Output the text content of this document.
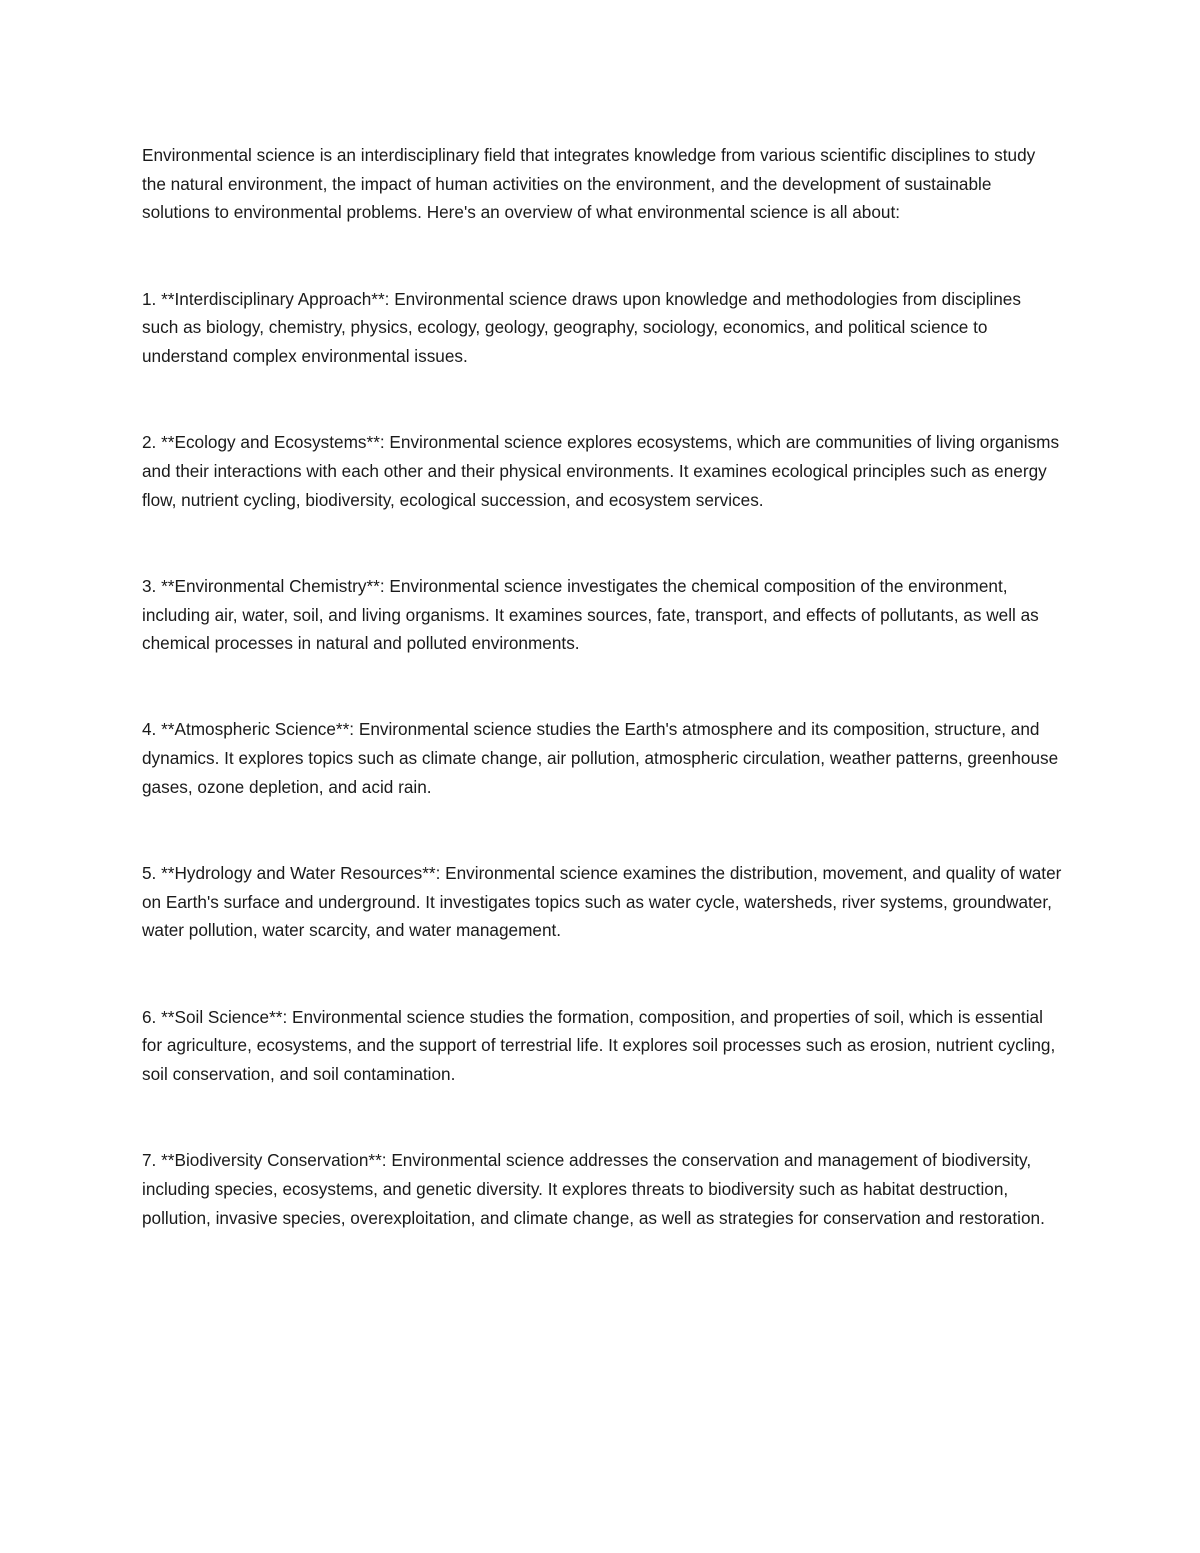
Environmental science is an interdisciplinary field that integrates knowledge from various scientific disciplines to study the natural environment, the impact of human activities on the environment, and the development of sustainable solutions to environmental problems. Here's an overview of what environmental science is all about:

1. **Interdisciplinary Approach**: Environmental science draws upon knowledge and methodologies from disciplines such as biology, chemistry, physics, ecology, geology, geography, sociology, economics, and political science to understand complex environmental issues.

2. **Ecology and Ecosystems**: Environmental science explores ecosystems, which are communities of living organisms and their interactions with each other and their physical environments. It examines ecological principles such as energy flow, nutrient cycling, biodiversity, ecological succession, and ecosystem services.

3. **Environmental Chemistry**: Environmental science investigates the chemical composition of the environment, including air, water, soil, and living organisms. It examines sources, fate, transport, and effects of pollutants, as well as chemical processes in natural and polluted environments.

4. **Atmospheric Science**: Environmental science studies the Earth's atmosphere and its composition, structure, and dynamics. It explores topics such as climate change, air pollution, atmospheric circulation, weather patterns, greenhouse gases, ozone depletion, and acid rain.

5. **Hydrology and Water Resources**: Environmental science examines the distribution, movement, and quality of water on Earth's surface and underground. It investigates topics such as water cycle, watersheds, river systems, groundwater, water pollution, water scarcity, and water management.

6. **Soil Science**: Environmental science studies the formation, composition, and properties of soil, which is essential for agriculture, ecosystems, and the support of terrestrial life. It explores soil processes such as erosion, nutrient cycling, soil conservation, and soil contamination.

7. **Biodiversity Conservation**: Environmental science addresses the conservation and management of biodiversity, including species, ecosystems, and genetic diversity. It explores threats to biodiversity such as habitat destruction, pollution, invasive species, overexploitation, and climate change, as well as strategies for conservation and restoration.
